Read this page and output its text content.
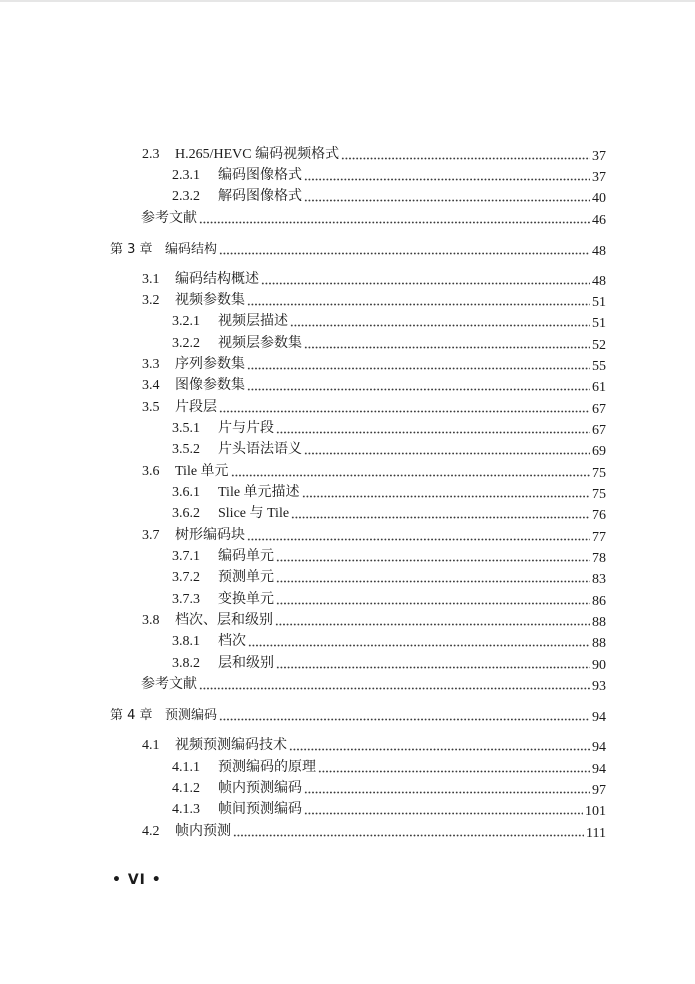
2.3	H.265/HEVC 编码视频格式	37
2.3.1	编码图像格式	37
2.3.2	解码图像格式	40
参考文献	46
第 3 章 编码结构	48
3.1	编码结构概述	48
3.2	视频参数集	51
3.2.1	视频层描述	51
3.2.2	视频层参数集	52
3.3	序列参数集	55
3.4	图像参数集	61
3.5	片段层	67
3.5.1	片与片段	67
3.5.2	片头语法语义	69
3.6	Tile 单元	75
3.6.1	Tile 单元描述	75
3.6.2	Slice 与 Tile	76
3.7	树形编码块	77
3.7.1	编码单元	78
3.7.2	预测单元	83
3.7.3	变换单元	86
3.8	档次、层和级别	88
3.8.1	档次	88
3.8.2	层和级别	90
参考文献	93
第 4 章 预测编码	94
4.1	视频预测编码技术	94
4.1.1	预测编码的原理	94
4.1.2	帧内预测编码	97
4.1.3	帧间预测编码	101
4.2	帧内预测	111
• VI •
